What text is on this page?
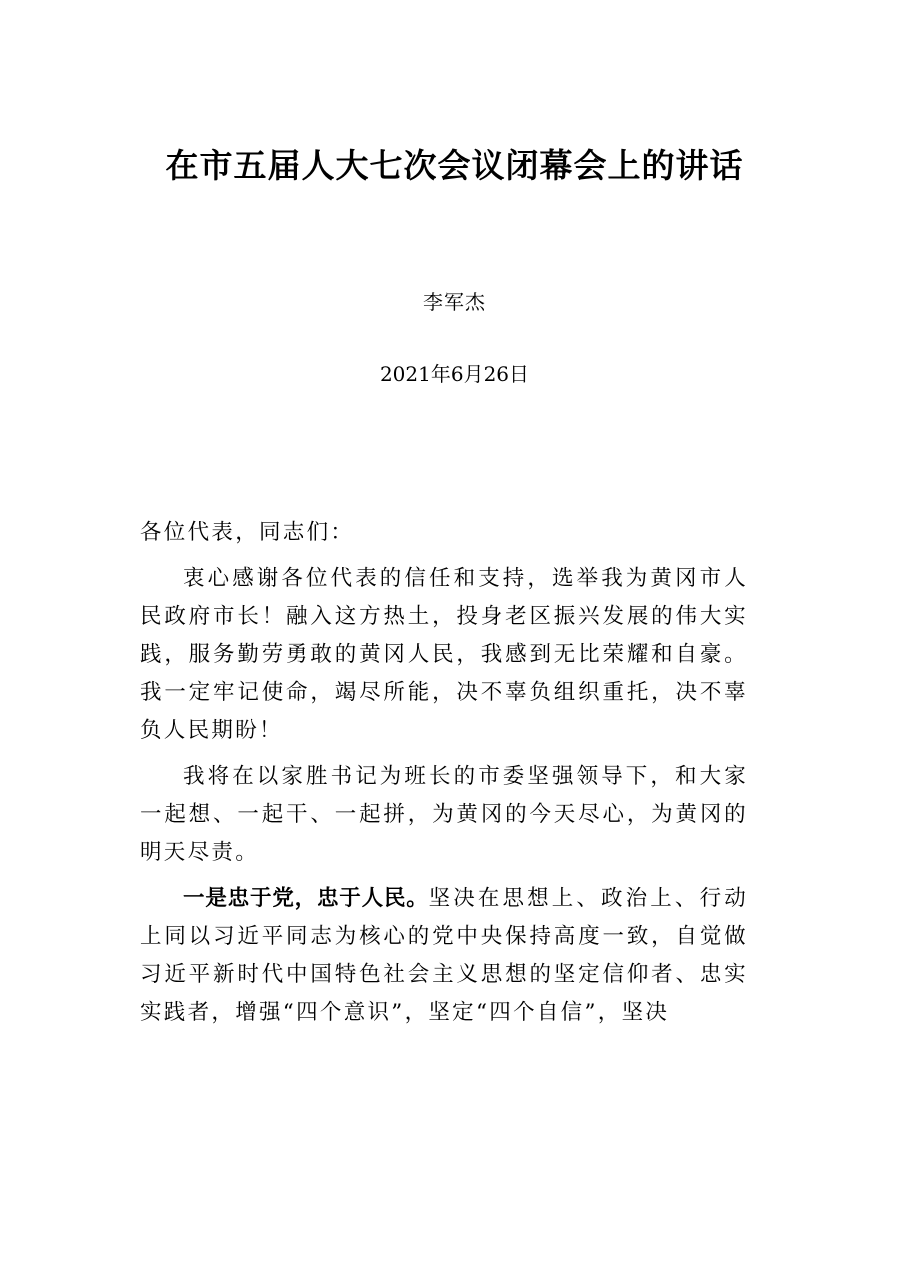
在市五届人大七次会议闭幕会上的讲话
李军杰
2021年6月26日

各位代表，同志们：

衷心感谢各位代表的信任和支持，选举我为黄冈市人民政府市长！融入这方热土，投身老区振兴发展的伟大实践，服务勤劳勇敢的黄冈人民，我感到无比荣耀和自豪。我一定牢记使命，竭尽所能，决不辜负组织重托，决不辜负人民期盼！

我将在以家胜书记为班长的市委坚强领导下，和大家一起想、一起干、一起拼，为黄冈的今天尽心，为黄冈的明天尽责。

一是忠于党，忠于人民。坚决在思想上、政治上、行动上同以习近平同志为核心的党中央保持高度一致，自觉做习近平新时代中国特色社会主义思想的坚定信仰者、忠实实践者，增强“四个意识”，坚定“四个自信”，坚决
